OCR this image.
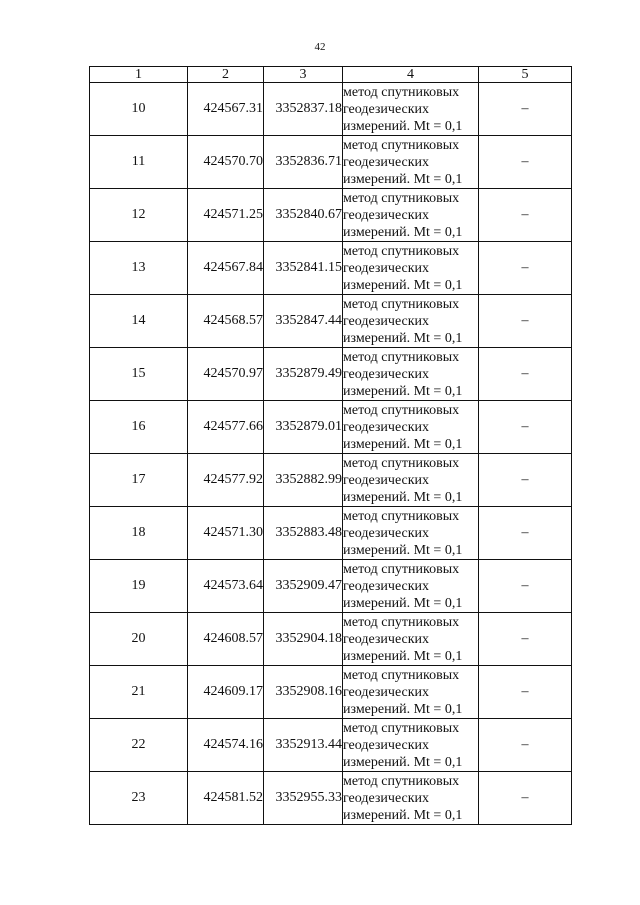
42
1	2	3	4	5
10	424567.31	3352837.18	метод спутниковых
геодезических
измерений. Mt = 0,1	–
11	424570.70	3352836.71	метод спутниковых
геодезических
измерений. Mt = 0,1	–
12	424571.25	3352840.67	метод спутниковых
геодезических
измерений. Mt = 0,1	–
13	424567.84	3352841.15	метод спутниковых
геодезических
измерений. Mt = 0,1	–
14	424568.57	3352847.44	метод спутниковых
геодезических
измерений. Mt = 0,1	–
15	424570.97	3352879.49	метод спутниковых
геодезических
измерений. Mt = 0,1	–
16	424577.66	3352879.01	метод спутниковых
геодезических
измерений. Mt = 0,1	–
17	424577.92	3352882.99	метод спутниковых
геодезических
измерений. Mt = 0,1	–
18	424571.30	3352883.48	метод спутниковых
геодезических
измерений. Mt = 0,1	–
19	424573.64	3352909.47	метод спутниковых
геодезических
измерений. Mt = 0,1	–
20	424608.57	3352904.18	метод спутниковых
геодезических
измерений. Mt = 0,1	–
21	424609.17	3352908.16	метод спутниковых
геодезических
измерений. Mt = 0,1	–
22	424574.16	3352913.44	метод спутниковых
геодезических
измерений. Mt = 0,1	–
23	424581.52	3352955.33	метод спутниковых
геодезических
измерений. Mt = 0,1	–
